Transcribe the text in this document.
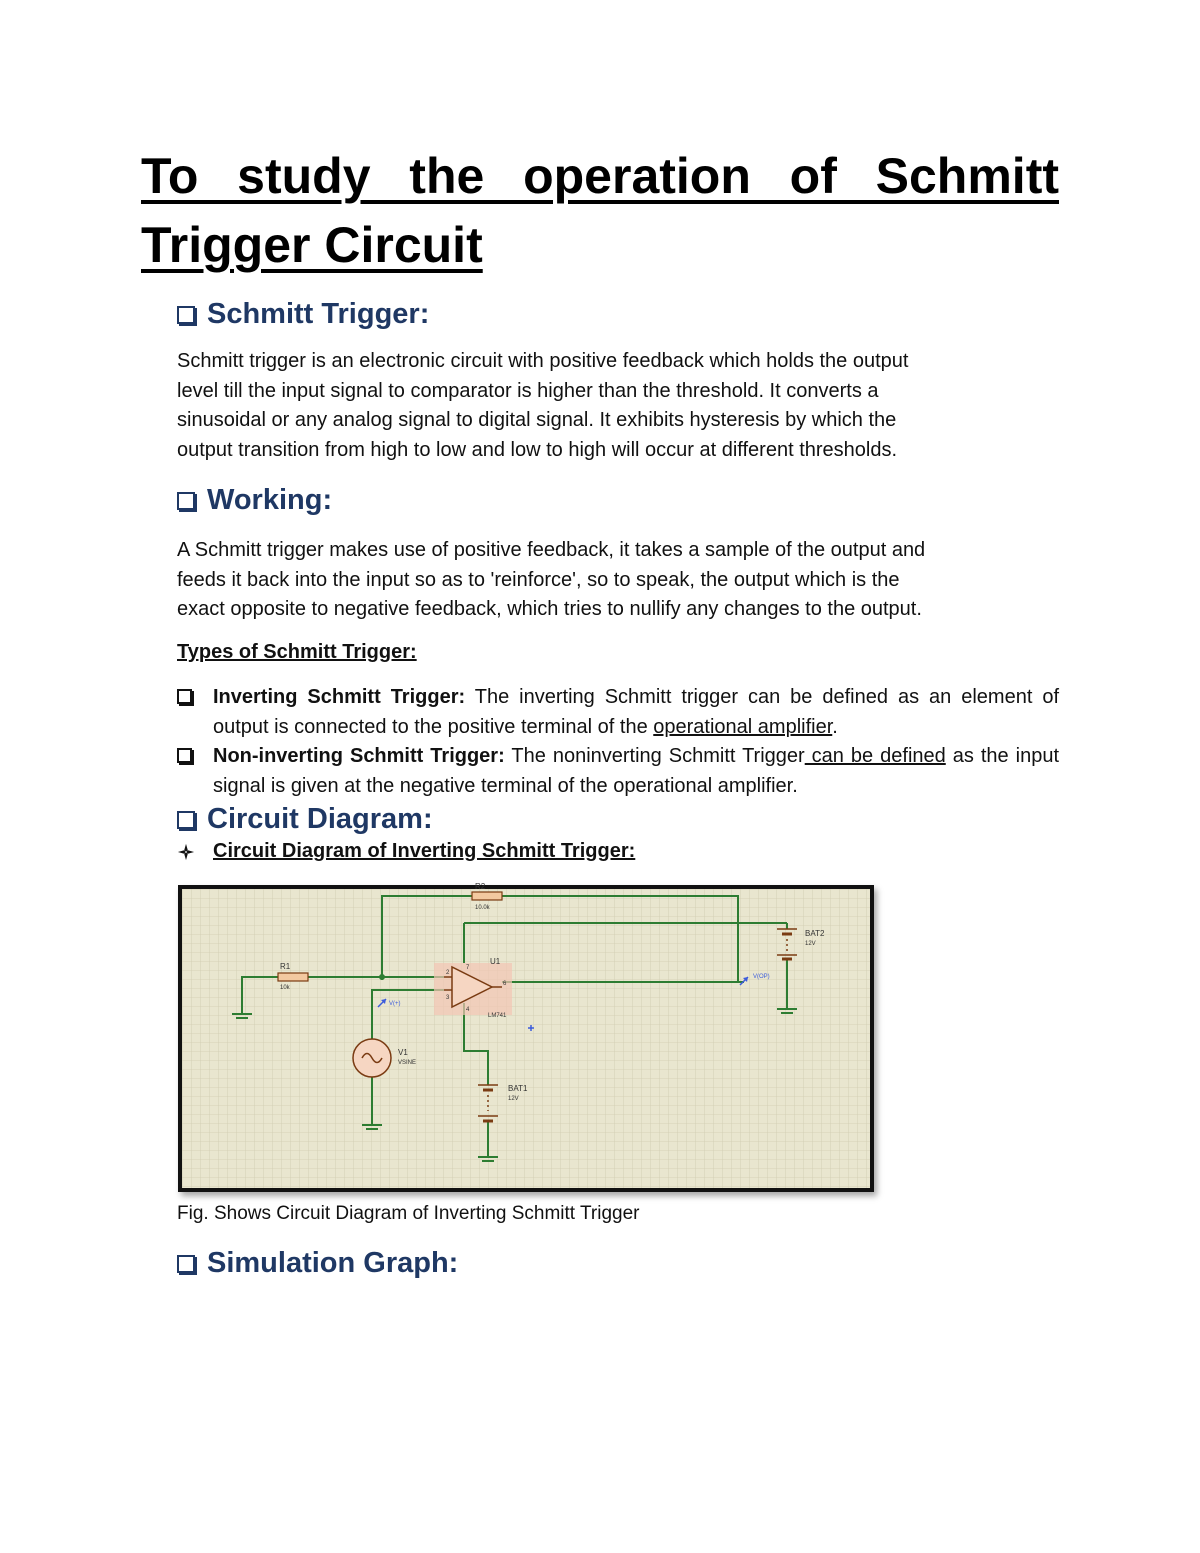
To study the operation of Schmitt
Trigger Circuit
Schmitt Trigger:
Schmitt trigger is an electronic circuit with positive feedback which holds the output
level till the input signal to comparator is higher than the threshold. It converts a
sinusoidal or any analog signal to digital signal. It exhibits hysteresis by which the
output transition from high to low and low to high will occur at different thresholds.
Working:
A Schmitt trigger makes use of positive feedback, it takes a sample of the output and
feeds it back into the input so as to 'reinforce', so to speak, the output which is the
exact opposite to negative feedback, which tries to nullify any changes to the output.

Types of Schmitt Trigger:

Inverting Schmitt Trigger: The inverting Schmitt trigger can be defined as an element of output is connected to the positive terminal of the operational amplifier.
Non-inverting Schmitt Trigger: The noninverting Schmitt Trigger can be defined as the input signal is given at the negative terminal of the operational amplifier.
Circuit Diagram:
Circuit Diagram of Inverting Schmitt Trigger:
R2
10.0k
R1
10k
2
3
6
7
4
U1
LM741
V(+)
V(OP)
V1
VSINE
BAT1
12V
BAT2
12V

Fig. Shows Circuit Diagram of Inverting Schmitt Trigger

Simulation Graph:
